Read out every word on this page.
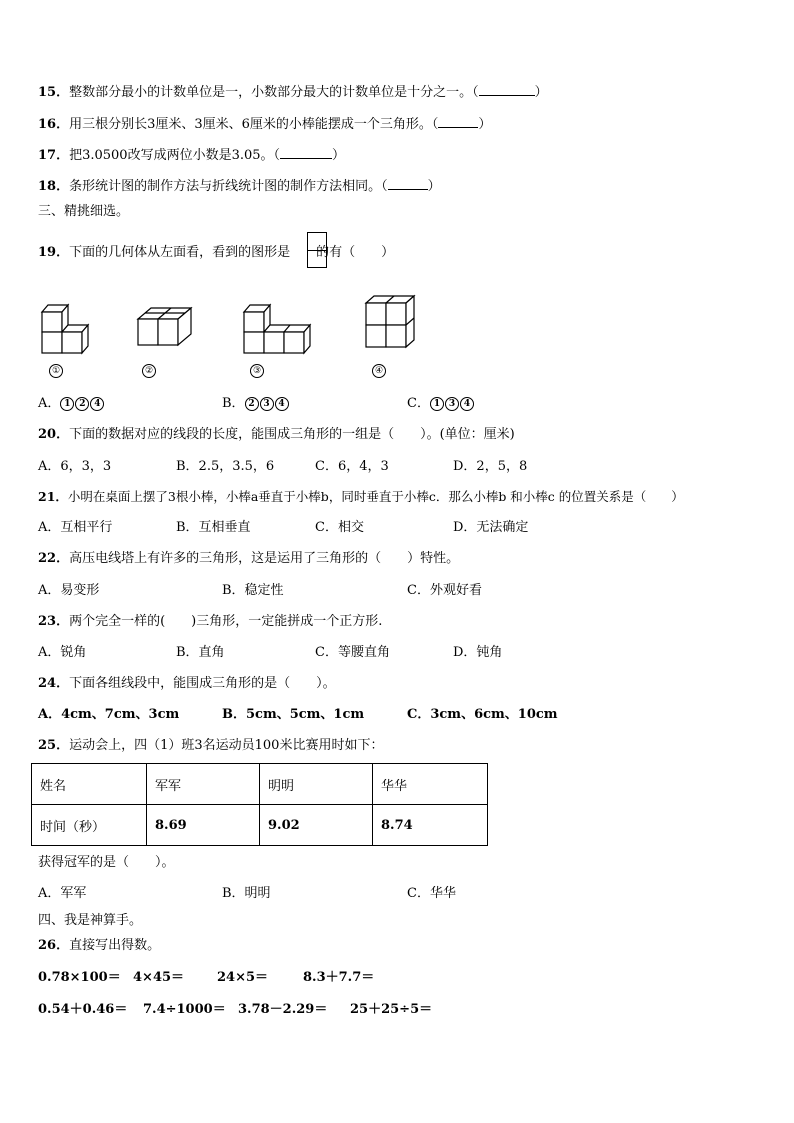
15．整数部分最小的计数单位是一，小数部分最大的计数单位是十分之一。（	）
16．用三根分别长3厘米、3厘米、6厘米的小棒能摆成一个三角形。（	）
17．把3.0500改写成两位小数是3.05。（	）
18．条形统计图的制作方法与折线统计图的制作方法相同。（	）
三、精挑细选。
19．下面的几何体从左面看，看到的图形是 的有（　　）
①	②	③	④
A． 1 2 4	B． 2 3 4	C． 1 3 4
20．下面的数据对应的线段的长度，能围成三角形的一组是（　　）。(单位：厘米)
A．6，3，3	B．2.5，3.5，6	C．6，4，3	D．2，5，8
21．小明在桌面上摆了3根小棒，小棒a垂直于小棒b，同时垂直于小棒c．那么小棒b 和小棒c 的位置关系是（　　）
A．互相平行	B．互相垂直	C．相交	D．无法确定
22．高压电线塔上有许多的三角形，这是运用了三角形的（　　）特性。
A．易变形	B．稳定性	C．外观好看
23．两个完全一样的(　　)三角形，一定能拼成一个正方形.
A．锐角	B．直角	C．等腰直角	D．钝角
24．下面各组线段中，能围成三角形的是（　　）。
A．4cm、7cm、3cm	B．5cm、5cm、1cm	C．3cm、6cm、10cm
25．运动会上，四（1）班3名运动员100米比赛用时如下：
姓名	军军	明明	华华
时间（秒）	8.69	9.02	8.74
获得冠军的是（　　）。
A．军军	B．明明	C．华华
四、我是神算手。
26．直接写出得数。
0.78×100＝ 4×45＝	24×5＝	8.3＋7.7＝
0.54＋0.46＝ 7.4÷1000＝ 3.78－2.29＝ 25＋25÷5＝
